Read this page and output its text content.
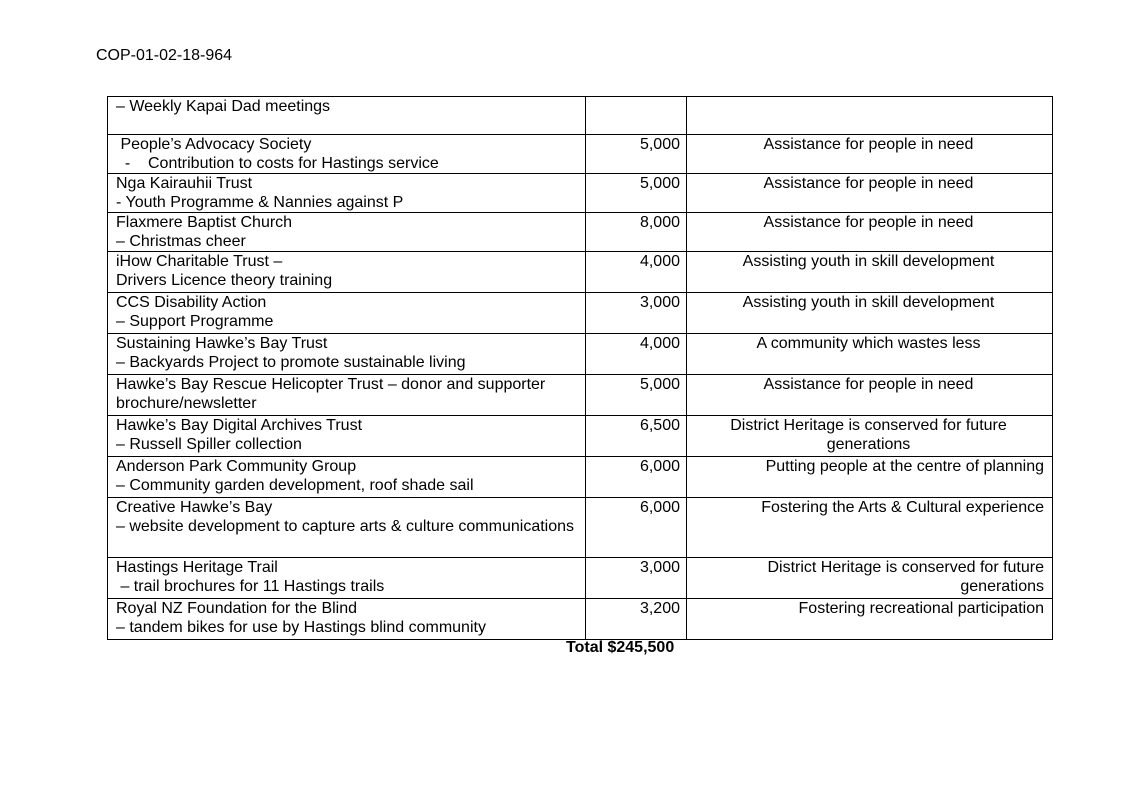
COP-01-02-18-964
– Weekly Kapai Dad meetings		

People’s Advocacy Society
-    Contribution to costs for Hastings service	5,000	Assistance for people in need

Nga Kairauhii Trust
- Youth Programme & Nannies against P	5,000	Assistance for people in need

Flaxmere Baptist Church
– Christmas cheer	8,000	Assistance for people in need

iHow Charitable Trust –
Drivers Licence theory training	4,000	Assisting youth in skill development

CCS Disability Action
– Support Programme	3,000	Assisting youth in skill development

Sustaining Hawke’s Bay Trust
– Backyards Project to promote sustainable living	4,000	A community which wastes less

Hawke’s Bay Rescue Helicopter Trust – donor and supporter
brochure/newsletter	5,000	Assistance for people in need

Hawke’s Bay Digital Archives Trust
– Russell Spiller collection	6,500	District Heritage is conserved for future generations

Anderson Park Community Group
– Community garden development, roof shade sail	6,000	Putting people at the centre of planning

Creative Hawke’s Bay
– website development to capture arts & culture communications	6,000	Fostering the Arts & Cultural experience

Hastings Heritage Trail
– trail brochures for 11 Hastings trails	3,000	District Heritage is conserved for future generations

Royal NZ Foundation for the Blind
– tandem bikes for use by Hastings blind community	3,200	Fostering recreational participation
Total $245,500
